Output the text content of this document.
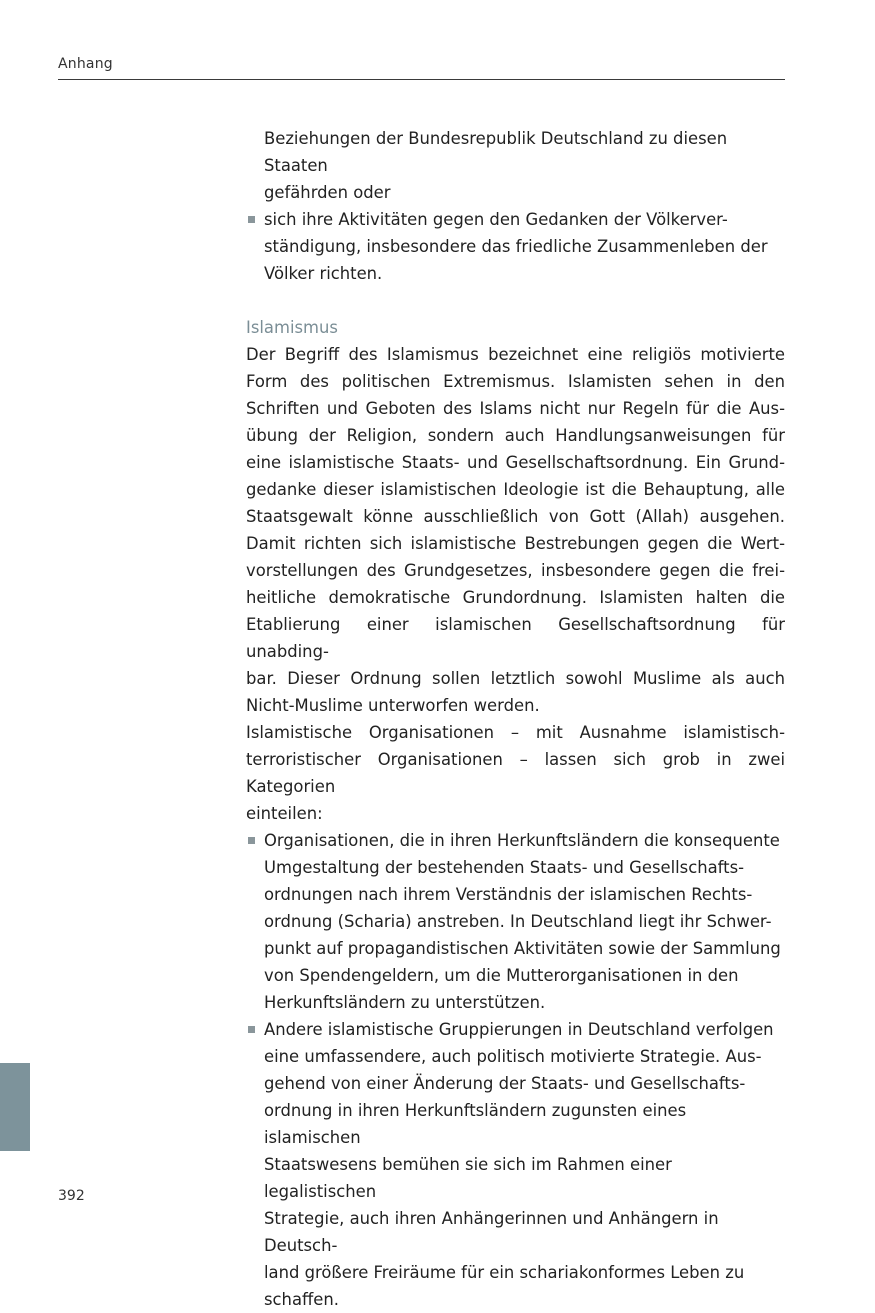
Anhang

Beziehungen der Bundesrepublik Deutschland zu diesen Staaten
gefährden oder

sich ihre Aktivitäten gegen den Gedanken der Völkerver-
ständigung, insbesondere das friedliche Zusammenleben der
Völker richten.

Islamismus

Der Begriff des Islamismus bezeichnet eine religiös motivierte
Form des politischen Extremismus. Islamisten sehen in den
Schriften und Geboten des Islams nicht nur Regeln für die Aus-
übung der Religion, sondern auch Handlungsanweisungen für
eine islamistische Staats- und Gesellschaftsordnung. Ein Grund-
gedanke dieser islamistischen Ideologie ist die Behauptung, alle
Staatsgewalt könne ausschließlich von Gott (Allah) ausgehen.
Damit richten sich islamistische Bestrebungen gegen die Wert-
vorstellungen des Grundgesetzes, insbesondere gegen die frei-
heitliche demokratische Grundordnung. Islamisten halten die
Etablierung einer islamischen Gesellschaftsordnung für unabding-
bar. Dieser Ordnung sollen letztlich sowohl Muslime als auch
Nicht-Muslime unterworfen werden.
Islamistische Organisationen – mit Ausnahme islamistisch-
terroristischer Organisationen – lassen sich grob in zwei Kategorien
einteilen:
Organisationen, die in ihren Herkunftsländern die konsequente
Umgestaltung der bestehenden Staats- und Gesellschafts-
ordnungen nach ihrem Verständnis der islamischen Rechts-
ordnung (Scharia) anstreben. In Deutschland liegt ihr Schwer-
punkt auf propagandistischen Aktivitäten sowie der Sammlung
von Spendengeldern, um die Mutterorganisationen in den
Herkunftsländern zu unterstützen.
Andere islamistische Gruppierungen in Deutschland verfolgen
eine umfassendere, auch politisch motivierte Strategie. Aus-
gehend von einer Änderung der Staats- und Gesellschafts-
ordnung in ihren Herkunftsländern zugunsten eines islamischen
Staatswesens bemühen sie sich im Rahmen einer legalistischen
Strategie, auch ihren Anhängerinnen und Anhängern in Deutsch-
land größere Freiräume für ein schariakonformes Leben zu
schaffen.
392
